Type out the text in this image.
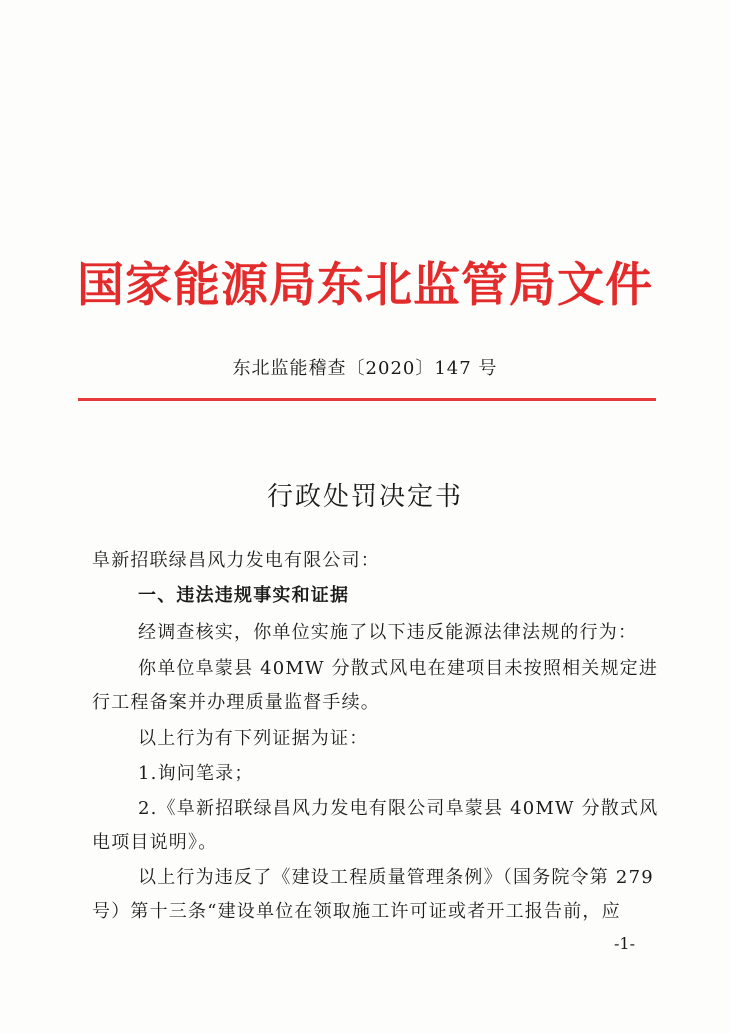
国家能源局东北监管局文件
东北监能稽查〔2020〕147 号
行政处罚决定书
阜新招联绿昌风力发电有限公司：
一、违法违规事实和证据
经调查核实，你单位实施了以下违反能源法律法规的行为：
你单位阜蒙县 40MW 分散式风电在建项目未按照相关规定进
行工程备案并办理质量监督手续。
以上行为有下列证据为证：
1.询问笔录；
2.《阜新招联绿昌风力发电有限公司阜蒙县 40MW 分散式风
电项目说明》。
以上行为违反了《建设工程质量管理条例》（国务院令第 279
号）第十三条“建设单位在领取施工许可证或者开工报告前，应
-1-
